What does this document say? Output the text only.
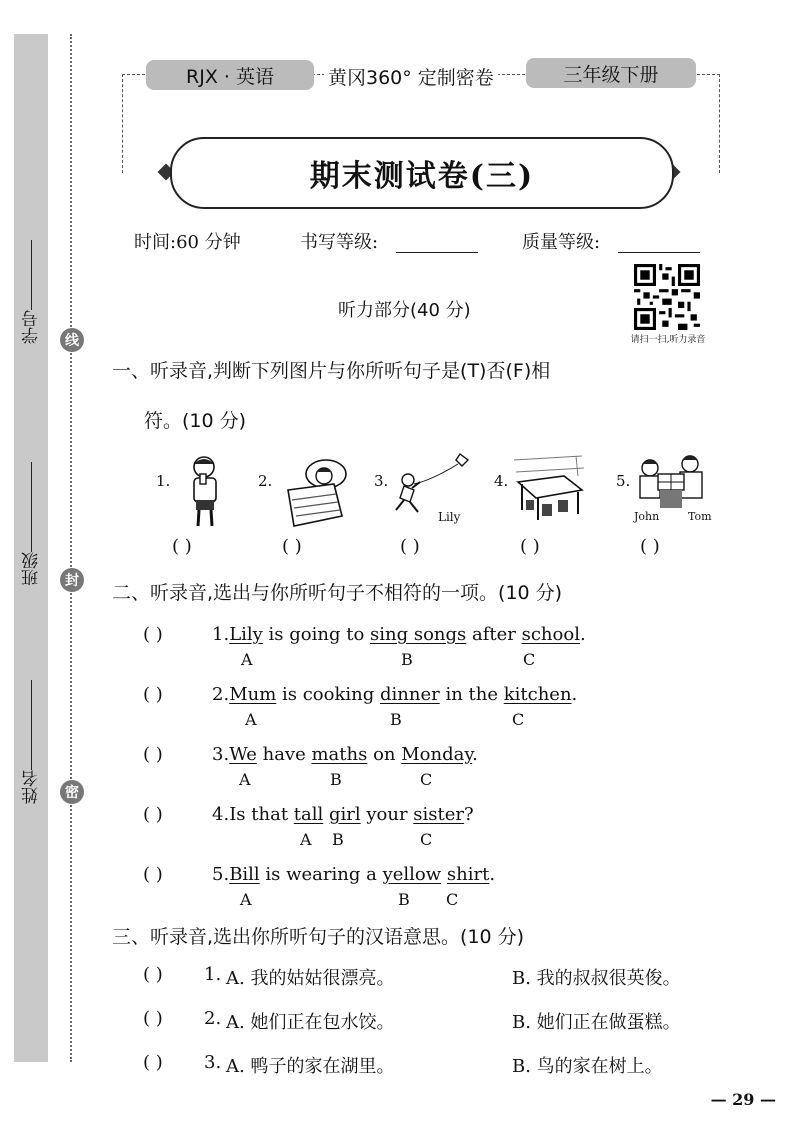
线
封
密
学号
班级
姓名
RJX · 英语	黄冈360° 定制密卷	三年级下册
期末测试卷(三)
时间:60 分钟	书写等级:	质量等级:
请扫一扫,听力录音
听力部分(40 分)
一、听录音,判断下列图片与你所听句子是(T)否(F)相
符。(10 分)
1.
( )
2.
( )
3.
Lily
( )
4.
( )
5.
John	Tom
( )
二、听录音,选出与你所听句子不相符的一项。(10 分)
( )	1.Lily is going to sing songs after school.
A	B	C
( )	2.Mum is cooking dinner in the kitchen.
A	B	C
( )	3.We have maths on Monday.
A	B	C
( )	4.Is that tall girl your sister?
A B	C
( )	5.Bill is wearing a yellow shirt.
A	B C
三、听录音,选出你所听句子的汉语意思。(10 分)
( ) 1. A. 我的姑姑很漂亮。	B. 我的叔叔很英俊。
( ) 2. A. 她们正在包水饺。	B. 她们正在做蛋糕。
( ) 3. A. 鸭子的家在湖里。	B. 鸟的家在树上。
— 29 —
